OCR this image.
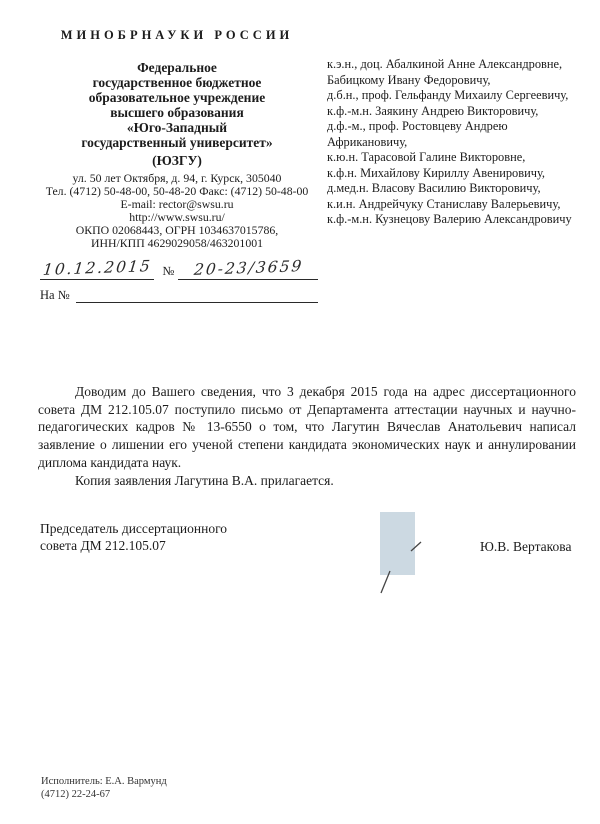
МИНОБРНАУКИ РОССИИ
Федеральное
государственное бюджетное
образовательное учреждение
высшего образования
«Юго-Западный
государственный университет»
(ЮЗГУ)
ул. 50 лет Октября, д. 94, г. Курск, 305040
Тел. (4712) 50-48-00, 50-48-20 Факс: (4712) 50-48-00
E-mail: rector@swsu.ru
http://www.swsu.ru/
ОКПО 02068443, ОГРН 1034637015786,
ИНН/КПП 4629029058/463201001
10.12.2015 №	20-23/3659
На №
к.э.н., доц. Абалкиной Анне Александровне,
Бабицкому Ивану Федоровичу,
д.б.н., проф. Гельфанду Михаилу Сергеевичу,
к.ф.-м.н. Заякину Андрею Викторовичу,
д.ф.-м., проф. Ростовцеву Андрею Африкановичу,
к.ю.н. Тарасовой Галине Викторовне,
к.ф.н. Михайлову Кириллу Авенировичу,
д.мед.н. Власову Василию Викторовичу,
к.и.н. Андрейчуку Станиславу Валерьевичу,
к.ф.-м.н. Кузнецову Валерию Александровичу

Доводим до Вашего сведения, что 3 декабря 2015 года на адрес диссертационного совета ДМ 212.105.07 поступило письмо от Департамента аттестации научных и научно-педагогических кадров № 13-6550 о том, что Лагутин Вячеслав Анатольевич написал заявление о лишении его ученой степени кандидата экономических наук и аннулировании диплома кандидата наук.

Копия заявления Лагутина В.А. прилагается.

Председатель диссертационного
совета ДМ 212.105.07	Ю.В. Вертакова
Исполнитель: Е.А. Вармунд
(4712) 22-24-67
